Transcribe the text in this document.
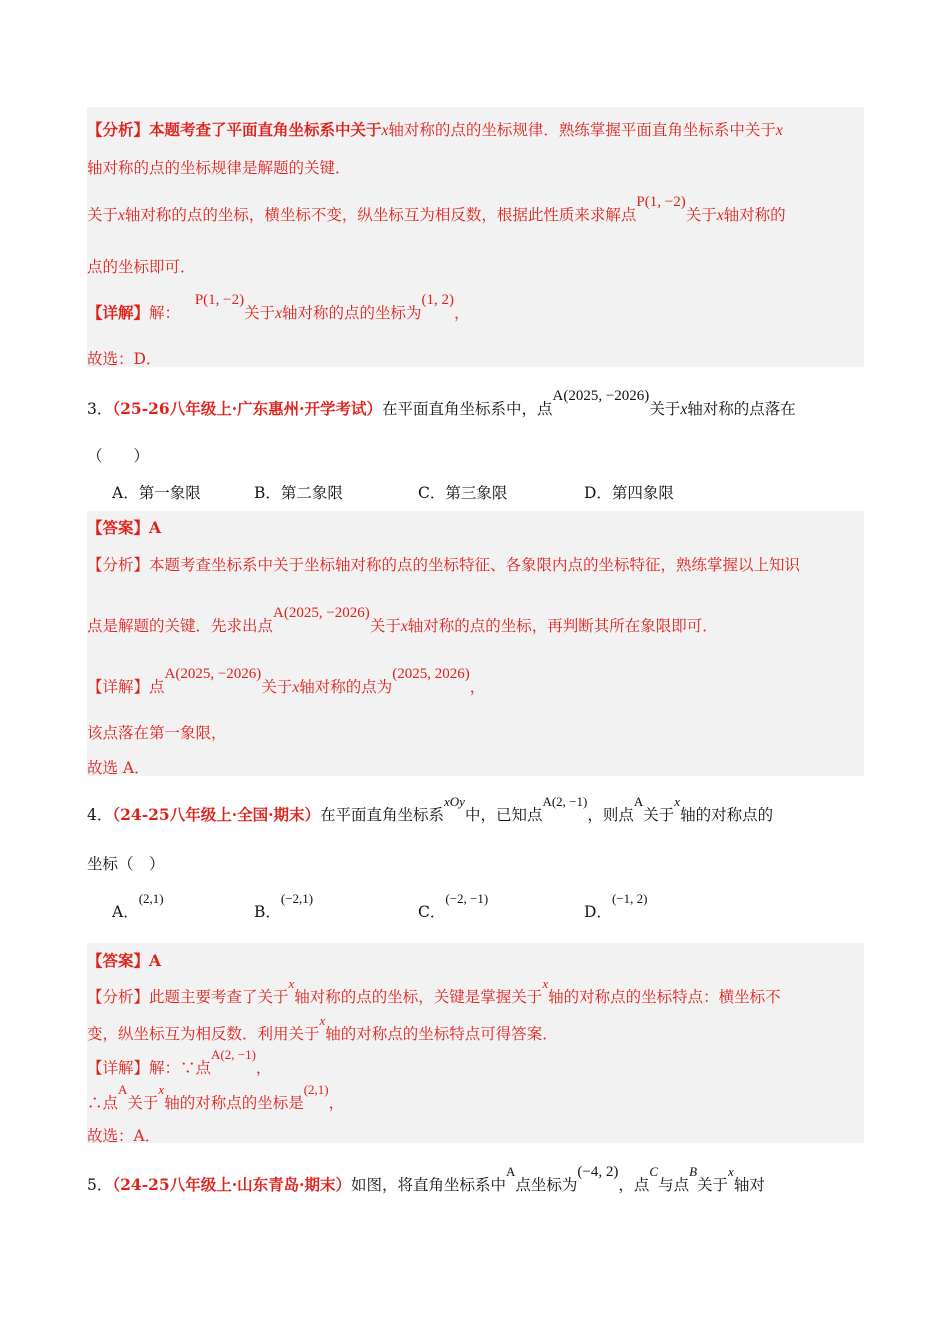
【分析】本题考查了平面直角坐标系中关于x轴对称的点的坐标规律．熟练掌握平面直角坐标系中关于x
轴对称的点的坐标规律是解题的关键．
关于x轴对称的点的坐标，横坐标不变，纵坐标互为相反数，根据此性质来求解点P(1, −2)关于x轴对称的
点的坐标即可．
【详解】解：   P(1, −2)关于x轴对称的点的坐标为(1, 2)，
故选：D．
3．（25-26八年级上·广东惠州·开学考试）在平面直角坐标系中，点A(2025, −2026)关于x轴对称的点落在
（　　）
A．第一象限	B．第二象限	C．第三象限	D．第四象限
【答案】A
【分析】本题考查坐标系中关于坐标轴对称的点的坐标特征、各象限内点的坐标特征，熟练掌握以上知识
点是解题的关键．先求出点A(2025, −2026)关于x轴对称的点的坐标，再判断其所在象限即可．
【详解】点A(2025, −2026)关于x轴对称的点为(2025, 2026)，
该点落在第一象限，
故选 A．
4．（24-25八年级上·全国·期末）在平面直角坐标系$^{xOy}$中，已知点$^{A(2, -1)}$，则点$^A$关于$^x$轴的对称点的
坐标（　）
A．$^{(2,1)}$
B．$^{(-2,1)}$
C．$^{(-2, -1)}$
D．$^{(-1, 2)}$
【答案】A
【分析】此题主要考查了关于$^x$轴对称的点的坐标，关键是掌握关于$^x$轴的对称点的坐标特点：横坐标不
变，纵坐标互为相反数．利用关于$^x$轴的对称点的坐标特点可得答案．
【详解】解：∵点$^{A(2, -1)}$，
∴点$^A$关于$^x$轴的对称点的坐标是$^{(2,1)}$，
故选：A．
5．（24-25八年级上·山东青岛·期末）如图，将直角坐标系中$^A$点坐标为(−4, 2)，点$^C$与点$^B$关于$^x$轴对
